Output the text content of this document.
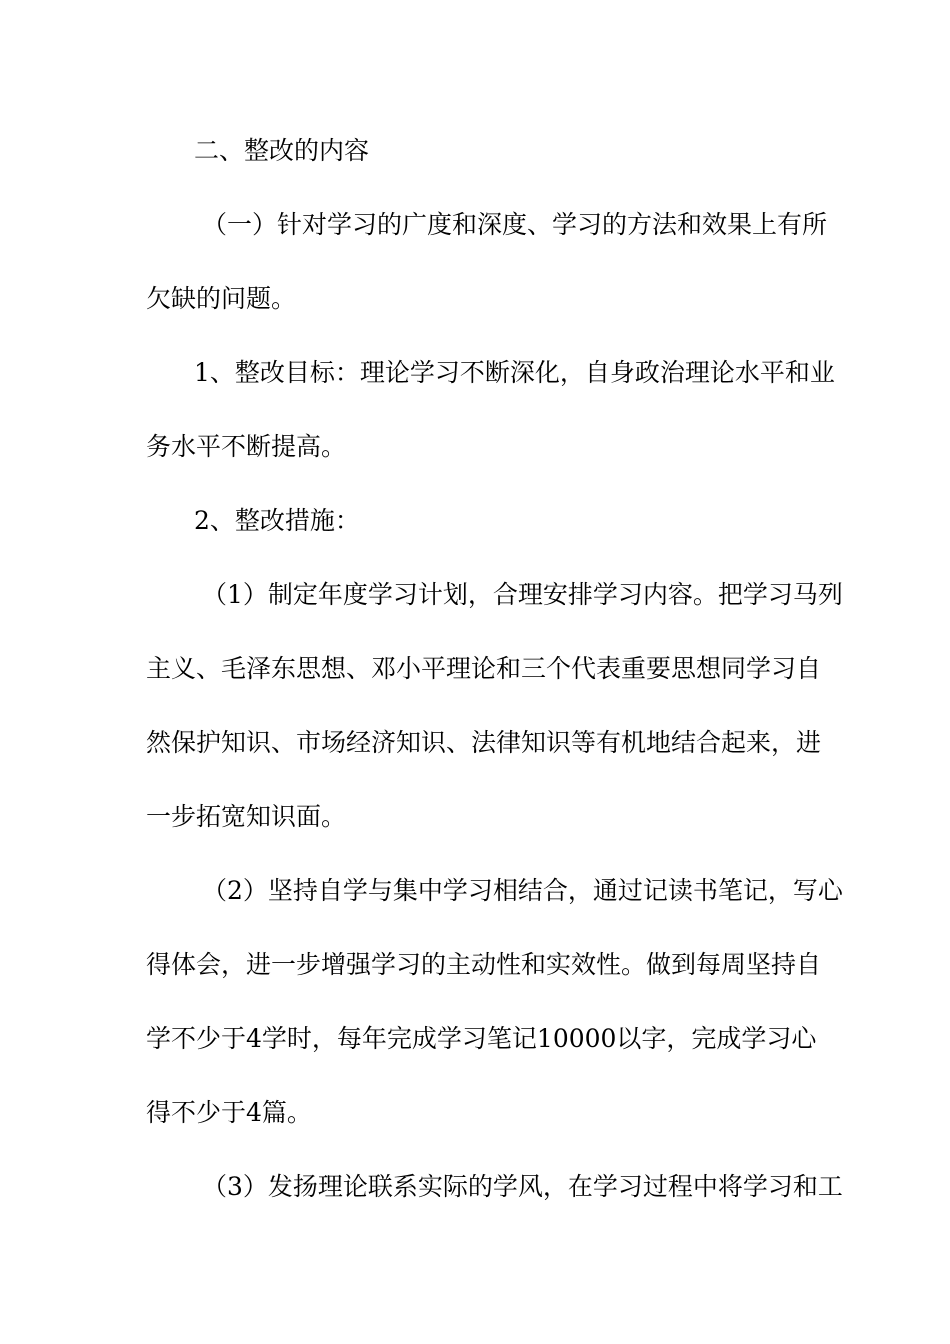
二、整改的内容

（一）针对学习的广度和深度、学习的方法和效果上有所

欠缺的问题。

1、整改目标：理论学习不断深化，自身政治理论水平和业

务水平不断提高。

2、整改措施：

（1）制定年度学习计划，合理安排学习内容。把学习马列

主义、毛泽东思想、邓小平理论和三个代表重要思想同学习自

然保护知识、市场经济知识、法律知识等有机地结合起来，进

一步拓宽知识面。

（2）坚持自学与集中学习相结合，通过记读书笔记，写心

得体会，进一步增强学习的主动性和实效性。做到每周坚持自

学不少于4学时，每年完成学习笔记10000以字，完成学习心

得不少于4篇。

（3）发扬理论联系实际的学风，在学习过程中将学习和工
